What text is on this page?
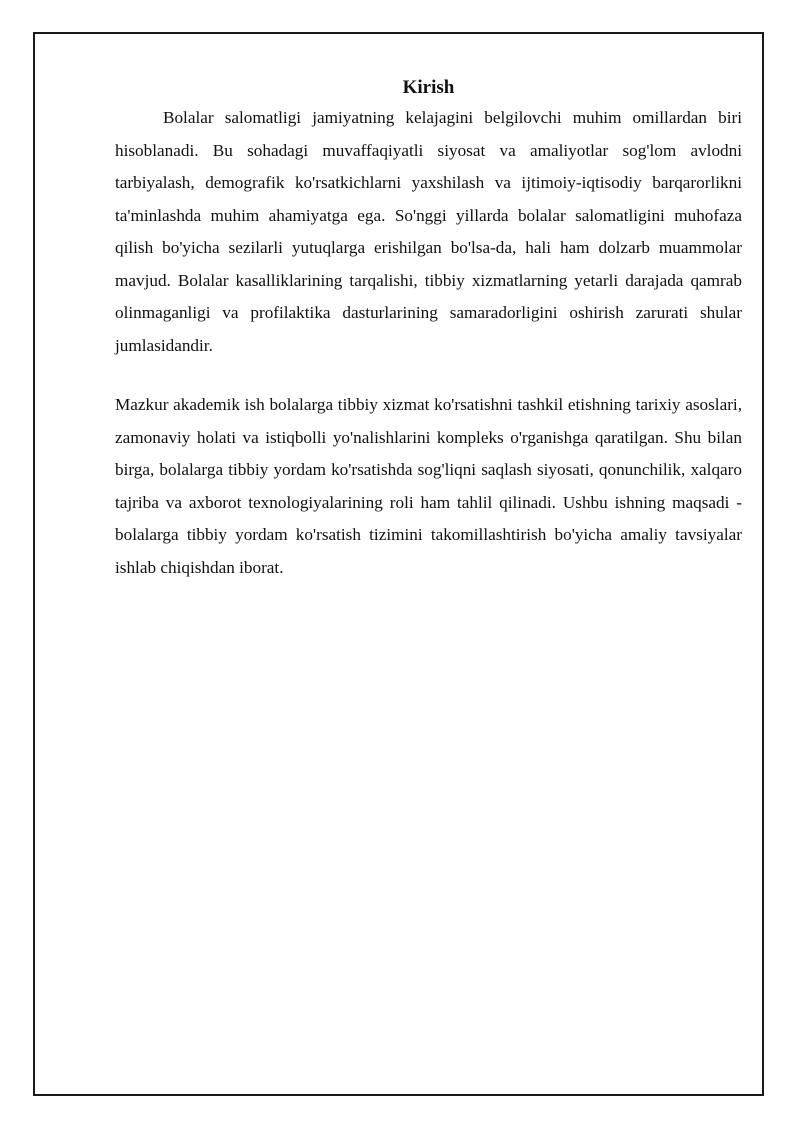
Kirish

Bolalar salomatligi jamiyatning kelajagini belgilovchi muhim omillardan biri hisoblanadi. Bu sohadagi muvaffaqiyatli siyosat va amaliyotlar sog'lom avlodni tarbiyalash, demografik ko'rsatkichlarni yaxshilash va ijtimoiy-iqtisodiy barqarorlikni ta'minlashda muhim ahamiyatga ega. So'nggi yillarda bolalar salomatligini muhofaza qilish bo'yicha sezilarli yutuqlarga erishilgan bo'lsa-da, hali ham dolzarb muammolar mavjud. Bolalar kasalliklarining tarqalishi, tibbiy xizmatlarning yetarli darajada qamrab olinmaganligi va profilaktika dasturlarining samaradorligini oshirish zarurati shular jumlasidandir.

Mazkur akademik ish bolalarga tibbiy xizmat ko'rsatishni tashkil etishning tarixiy asoslari, zamonaviy holati va istiqbolli yo'nalishlarini kompleks o'rganishga qaratilgan. Shu bilan birga, bolalarga tibbiy yordam ko'rsatishda sog'liqni saqlash siyosati, qonunchilik, xalqaro tajriba va axborot texnologiyalarining roli ham tahlil qilinadi. Ushbu ishning maqsadi - bolalarga tibbiy yordam ko'rsatish tizimini takomillashtirish bo'yicha amaliy tavsiyalar ishlab chiqishdan iborat.
